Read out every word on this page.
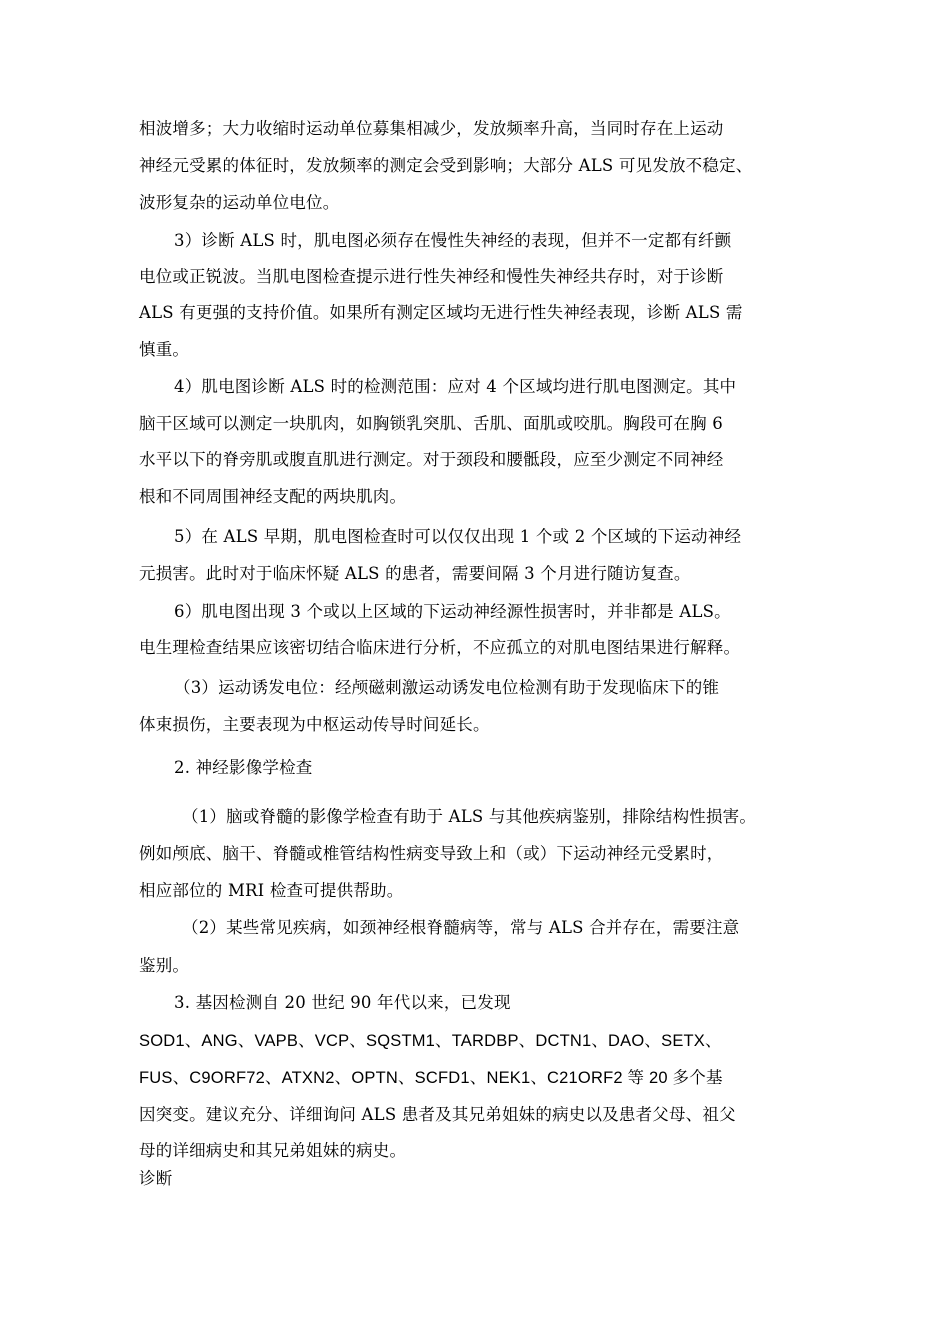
相波增多；大力收缩时运动单位募集相减少，发放频率升高，当同时存在上运动
神经元受累的体征时，发放频率的测定会受到影响；大部分 ALS 可见发放不稳定、
波形复杂的运动单位电位。
3）诊断 ALS 时，肌电图必须存在慢性失神经的表现，但并不一定都有纤颤
电位或正锐波。当肌电图检查提示进行性失神经和慢性失神经共存时，对于诊断
ALS 有更强的支持价值。如果所有测定区域均无进行性失神经表现，诊断 ALS 需
慎重。
4）肌电图诊断 ALS 时的检测范围：应对 4 个区域均进行肌电图测定。其中
脑干区域可以测定一块肌肉，如胸锁乳突肌、舌肌、面肌或咬肌。胸段可在胸 6
水平以下的脊旁肌或腹直肌进行测定。对于颈段和腰骶段，应至少测定不同神经
根和不同周围神经支配的两块肌肉。
5）在 ALS 早期，肌电图检查时可以仅仅出现 1 个或 2 个区域的下运动神经
元损害。此时对于临床怀疑 ALS 的患者，需要间隔 3 个月进行随访复查。
6）肌电图出现 3 个或以上区域的下运动神经源性损害时，并非都是 ALS。
电生理检查结果应该密切结合临床进行分析，不应孤立的对肌电图结果进行解释。
（3）运动诱发电位：经颅磁刺激运动诱发电位检测有助于发现临床下的锥
体束损伤，主要表现为中枢运动传导时间延长。
2. 神经影像学检查
（1）脑或脊髓的影像学检查有助于 ALS 与其他疾病鉴别，排除结构性损害。
例如颅底、脑干、脊髓或椎管结构性病变导致上和（或）下运动神经元受累时，
相应部位的 MRI 检查可提供帮助。
（2）某些常见疾病，如颈神经根脊髓病等，常与 ALS 合并存在，需要注意
鉴别。
3. 基因检测自 20 世纪 90 年代以来，已发现
SOD1、ANG、VAPB、VCP、SQSTM1、TARDBP、DCTN1、DAO、SETX、
FUS、C9ORF72、ATXN2、OPTN、SCFD1、NEK1、C21ORF2 等 20 多个基
因突变。建议充分、详细询问 ALS 患者及其兄弟姐妹的病史以及患者父母、祖父
母的详细病史和其兄弟姐妹的病史。
诊断
